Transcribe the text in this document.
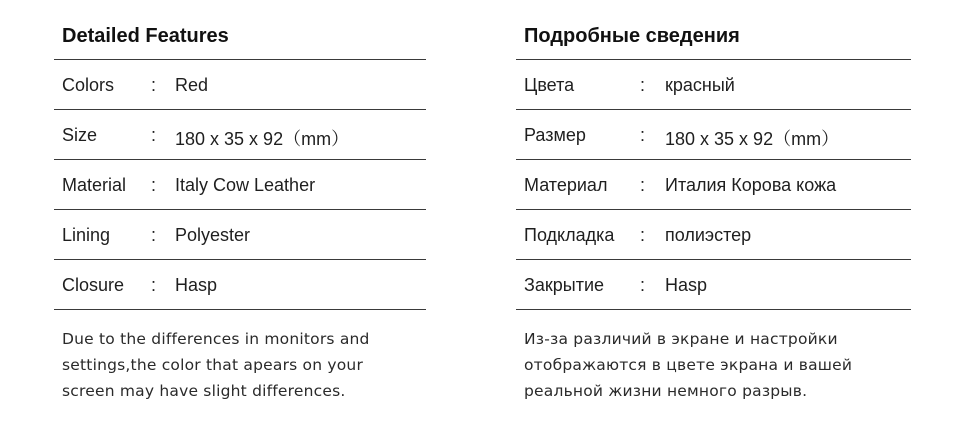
Detailed Features
Colors : Red
Size	: 180 x 35 x 92（mm）
Material : Italy Cow Leather
Lining : Polyester
Closure : Hasp
Due to the differences in monitors and
settings,the color that apears on your
screen may have slight differences.
Подробные сведения
Цвета	: красный
Размер	: 180 x 35 x 92（mm）
Материал : Италия Корова кожа
Подкладка : полиэстер
Закрытие : Hasp
Из-за различий в экране и настройки
отображаются в цвете экрана и вашей
реальной жизни немного разрыв.
